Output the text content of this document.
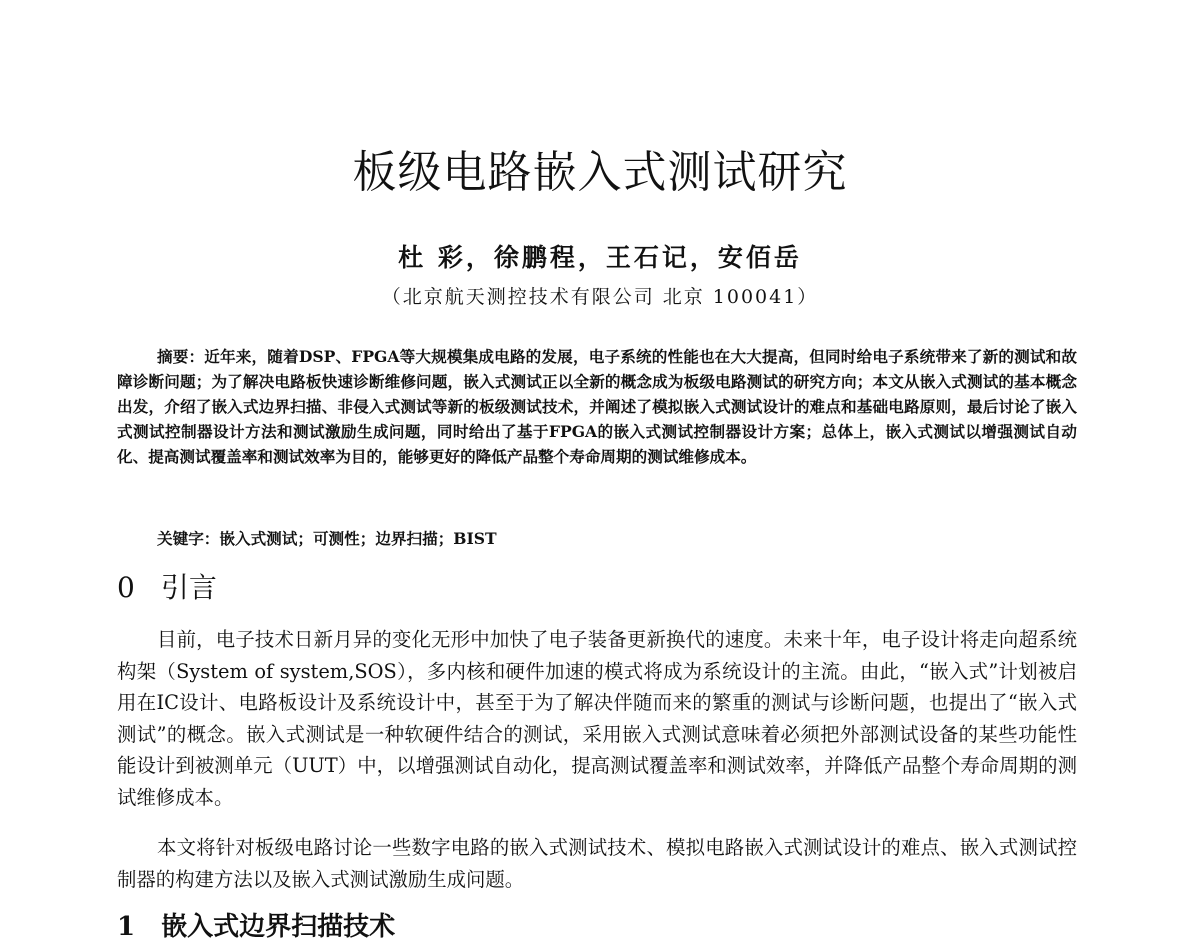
板级电路嵌入式测试研究

杜 彩，徐鹏程，王石记，安佰岳

（北京航天测控技术有限公司 北京 100041）

摘要：近年来，随着DSP、FPGA等大规模集成电路的发展，电子系统的性能也在大大提高，但同时给电子系统带来了新的测试和故障诊断问题；为了解决电路板快速诊断维修问题，嵌入式测试正以全新的概念成为板级电路测试的研究方向；本文从嵌入式测试的基本概念出发，介绍了嵌入式边界扫描、非侵入式测试等新的板级测试技术，并阐述了模拟嵌入式测试设计的难点和基础电路原则，最后讨论了嵌入式测试控制器设计方法和测试激励生成问题，同时给出了基于FPGA的嵌入式测试控制器设计方案；总体上，嵌入式测试以增强测试自动化、提高测试覆盖率和测试效率为目的，能够更好的降低产品整个寿命周期的测试维修成本。

关键字：嵌入式测试；可测性；边界扫描；BIST

0 引言

目前，电子技术日新月异的变化无形中加快了电子装备更新换代的速度。未来十年，电子设计将走向超系统构架（System of system,SOS），多内核和硬件加速的模式将成为系统设计的主流。由此，“嵌入式”计划被启用在IC设计、电路板设计及系统设计中，甚至于为了解决伴随而来的繁重的测试与诊断问题，也提出了“嵌入式测试”的概念。嵌入式测试是一种软硬件结合的测试，采用嵌入式测试意味着必须把外部测试设备的某些功能性能设计到被测单元（UUT）中，以增强测试自动化，提高测试覆盖率和测试效率，并降低产品整个寿命周期的测试维修成本。

本文将针对板级电路讨论一些数字电路的嵌入式测试技术、模拟电路嵌入式测试设计的难点、嵌入式测试控制器的构建方法以及嵌入式测试激励生成问题。

1 嵌入式边界扫描技术
